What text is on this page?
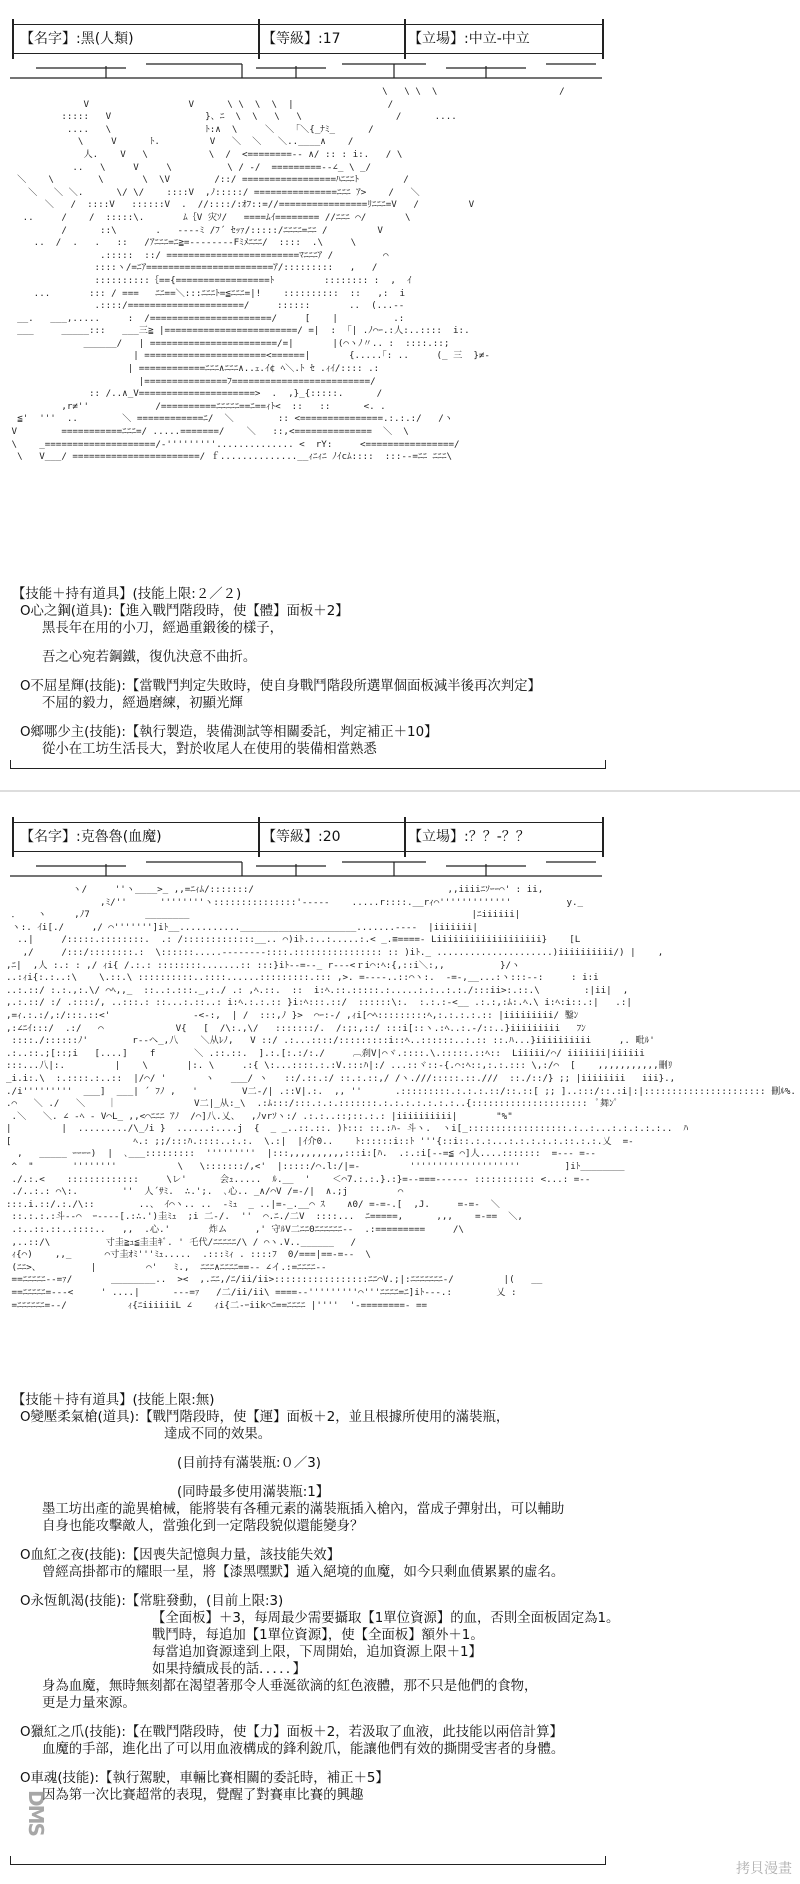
【名字】:黑(人類)	【等級】:17	【立場】:中立-中立
\   \ \  \                      /
V                  V      \ \  \  \  |                 /
:::::   V                 }、ﾆ  \  \   \   \                 /      ....
....   \                 ﾄ:∧  \     ＼   「＼{_ﾅﾐ_      /
\     V      ﾄ.         V   ＼  ＼   ＼..____∧    /
人.    V   \           \  /  <========-- ∧/ :: : i:.   / \
..   \     V     \          \ / -/  =========--∠_ \ _/
＼    \        \       \  \V        /::/ =================ﾊﾆﾆﾆﾄ        /
＼   ＼ ＼.      \/ \/    ::::V  ,ﾉ:::::/ ===============ﾆﾆﾆ ｱ>    /   ＼
＼   /  ::::V   ::::::V  .  //::::/:ｵﾌ::=//================ﾘﾆﾆﾆ=V   /         V
..     /    /  :::::\.       ﾑ｛V 灾ｿ/   ====ﾑｲ======== //ﾆﾆﾆ ⌒/       \
/      ::\       .   ----ﾐ /ﾌ´ ｾｯｧ/:::::/ﾆﾆﾆﾆ=ﾆﾆ /         V
..  /  .   .   ::   /ｱﾆﾆﾆ=ﾆ≧=--------Fﾐﾒﾆﾆﾆ/  ::::  .\     \
.:::::  ::/ ========================ﾏﾆﾆﾆｱ /         ⌒
::::ヽ/=ﾆｱ=======================ｱ/:::::::::   ,   /
::::::::::｛=={=================ﾄ         :::::::: :  ,  ｲ
...       ::: / ===   ﾆﾆ==＼:::ﾆﾆﾆﾄ=≦ﾆﾆﾆ=|!    ::::::::::  ::   ,:  i
.::::/=====================/     ::::::       ..  (...--
__.   ___,.....     :  /======================/     [    |          .:
___     _____:::   ___三≧ |========================/ =|  :  ｢| .ﾉ⌒ｰ.:人:..::::  i:.
______/   | =======================/=|       |(⌒ヽﾉ〃.. :  ::::.::;
| ======================<======|       {.....｢: ..     (_ 三  }≠-
| ============ﾆﾆﾆ∧ﾆﾆﾆ∧..ｪ.ｲ¢ ﾍ＼.ﾄ ｾ .ｨｲ/:::: .:
|===============ﾌ=========================/
:: /..∧_V=====================>  .  ,}_{:::::.      /
,r≠''            /==========ﾆﾆﾆﾆﾆ==ﾆ==ｨﾄ<  ::   ::      <. .
≦'  '''  ..        ＼ ============ﾆ/  ＼        :: <===============.:.:.:/   /ヽ
V        ===========ﾆﾆﾆ=/ .....=======/    ＼   ::,<==============  ＼  \
\    _====================/-'''''''''.............. <  rY:     <================/
\   V___/ =======================/ ｆ..............__ｨﾆｨﾆ ﾉｲcﾑ::::  :::--=ﾆﾆ ﾆﾆﾆ\
【技能＋持有道具】(技能上限:２／２)
O心之鋼(道具):【進入戰鬥階段時，使【體】面板＋2】
黑長年在用的小刀，經過重鍛後的樣子，
吾之心宛若鋼鐵，復仇決意不曲折。
O不屈星輝(技能):【當戰鬥判定失敗時，使自身戰鬥階段所選單個面板減半後再次判定】
不屈的毅力，經過磨練，初顯光輝
O鄉哪少主(技能):【執行製造，裝備測試等相關委託，判定補正＋10】
從小在工坊生活長大，對於收尾人在使用的裝備相當熟悉
【名字】:克魯魯(血魔)	【等級】:20	【立場】:？？-？？
ヽ/     ''ヽ____>_ ,,=ﾆｨﾑ/:::::::/                                   ,,iiiiﾆｿｰｰ⌒' : ii,
,ﾐ/''      ''''''''ヽ:::::::::::::::'-----    .....r::::.__rｨ⌒'''''''''''''          y._
．   ヽ     ,ﾉ7          ________                                                   |ﾆiiiiii|
ヽ:. ｲi[./     ,/ ⌒''''''']iﾄ__..........._____________________.......----  |iiiiiii|
..|     /:::::.::::::::.  .: /:::::::::::::__.. ⌒)iﾄ.:..:.....:.< _.≡====- Liiiiiiiiiiiiiiiiiii}    [L
,/     /:::/::::::::.:  \::::::.....--------::::.:::::::::::::::: :: )iﾄ._ .....................)iiiiiiiiii/) |    ,
,ﾆ|  ,人 :.: : ,/ ｨi{ /.:.: ::::::::.......:: :::}iﾄ--=--_ r---<ｒi⌒:ﾍ:{,::i＼:,,          }/ヽ
..:ｨi{:.:..:\    \.::.\ ::::::::::..::::......:::::::::.::: ,>. =----..::⌒ヽ:.  -=-,__...:ヽ:::--:     : i:i
..:.::/ :.:.,:.\/ ⌒ﾍ,,_  ::..:.:::._,:./ .: ,ﾍ.::.  ::  i:ﾍ.::.:::::.:.....:.:..:.:./:::ii>:.::.\        :|ii|  ,
,.:.::/ :/ .::::/, ..:::.: ::...:.::..: i:ﾍ.:.:.:: }i:ﾍ:::.::/  ::::::\:.  :.:.:-<__ .:.:,:ﾑ:.ﾍ.\ i:ﾍ:i::.:|   .:|
,=ｨ.:.:/,:/:::.::<'               -<-:,  | /  :::,ﾉ }>  ⌒ｰ:-/ ,ｨi[⌒ﾍ:::::::::ﾍ,:.:.:.:.:: |iiiiiiiii/ 鑿ﾝ
,:∠ﾆｲ:::/  .:/   ⌒             V{   [  /\:.,\/   :::::::/.  /:;:,::/ :::i[::ヽ.:ﾍ..:.-/::..}iiiiiiiii   ﾌﾝ
::::./::::::ﾉ'        r--ヘ_,八    ＼从ﾚﾉ,   V ::/ .:...::::/:::::::::i::ﾍ..::::::..:.:: ::.ﾊ...}iiiiiiiiii     ,. 毗ﾙ'
.:..::.;[::;i   [....]    f       ＼ .::.::.  ].:.[:.:/:./     ︹刹V|⌒ヾ.::::.\.:::::.::ﾍ::  Liiiii/⌒/ iiiiiii|iiiiii
:::...八|:.         |    \       |:. \     .:{ \:...::::.:.:V.:::ﾊ|:/ ...::ヾ::-{.⌒:ﾍ::,:.:.::: \,:/⌒  [    ,,,,,,,,,,,刪ﾘ
_i.i:.\  :.::::.:..::  |/⌒/ '       ヽ   ___/ ヽ   ::/.::.:/ ::.:.::,/ /ヽ.///:::::.::.///  ::./::/} ;; |iiiiiiii   iii}.,
./i'''''''''  ___]  ___| ´ ﾌﾉ ,   '        V二-/| .::V|.:.  ,, ''      .:::::::::.:.:.:.::/::.::[ ;; ]..:::/::.:i|:|:::::::::::::::::::::: 刪ﾙ%.
.⌒   ＼ ./   ＼    ｜              V二|_从:_\  .:ﾑ:::/:::.:.:.:::::::.:.:.:.:.:.:.:..{:::::::::::::::::::::  ﾟ舞ﾝﾟ
.＼   ＼. ∠ -ﾍ - V⌒L_ ,,<⌒ﾆﾆﾆ ｱﾉ  /⌒]八.乂、  ,ﾉvrｿヽ:/ .:.:..::;::.:.: |iiiiiiiiii|       "%"
|         |  ........./\_ﾉi }  ......:....j  {  _ _..::.::. )ﾄ::: ::.:ﾊ- 斗ヽ.  ヽi[_::::::::::::::::::.:..:...:.:.:.:.:..  ﾊ
[                      ﾍ.: ;;/:::ﾊ.::::..:.:.  \.:|  |ｲ介0..    ﾄ::::::i::ﾄ '''{::i::.:.:...:.:.:.:.:.::.:.:.乂  =-
,   _____ ｰｰｰｰ)  |  ､___:::::::::  '''''''''  |:::,,,,,,,,,,:::i:[ﾊ.  .:.:i[--=≦ ⌒]人....:::::::  =--- =--
^  "       ''''''''           \   \:::::::/,<'  |:::::/⌒.l:/|=-         ''''''''''''''''''''        ]iﾄ________
./.:.<    :::::::::::::     \レ'      会ｭ.....  ﾙ.__  '    ＜⌒7.:.:.}.:}=--===------ ::::::::::: <...: =--
./..:.: ⌒\:.        ''  人´ｻﾐ.  ∴.';.  ､心.. _∧/⌒V /=-/|  ∧.;j         ⌒
:::.i.::/.:./\::        ..、 ｲ⌒ヽ.. ..  -ﾐｭ  _ ..|=-_.__⌒ ｽ    ∧0/ =-=-.[  ,J.     =-=-  ＼
::.:.:.:斗-‐⌒  ｰ----[.:∴.')圭ﾐｭ  ;i 二-/.  ''  ⌒.ﾆ./二V  ::::...  ﾆ=====,      ,,,    =-==  ＼,
.:..::.::..::::..   ,,  .心.'       炸ム     ,' 守ﾙV二ﾆﾆ0ﾆﾆﾆﾆﾆﾆ--  .:=========     /\
,..::/\          寸圭≧ｭ≦圭圭ｷﾞ. ' 乇代/ﾆﾆﾆﾆﾆ/\ / ⌒ヽ.V..______   /
ｨ{⌒)    ,,_      ⌒寸圭ｵﾐ'''ﾐｭ.....  .:::ﾐｨ . ::::ﾌ  0/===|==-=--  \
(ﾆﾆ>、         |         ⌒'   ﾐ.,  ﾆﾆﾆ∧ﾆﾆﾆﾆ==-- ∠イ.:=ﾆﾆﾆﾆ--
==ﾆﾆﾆﾆﾆ--=ｧ/       ________..  ><  ,.ﾆﾆ,/ﾆ/ii/ii>:::::::::::::::::ﾆﾆ⌒V.;|:ﾆﾆﾆﾆﾆﾆﾆ-/         |(   __
==ﾆﾆﾆﾆﾆ=---<     ' ....|      ---=ｧ   /二/ii/ii\ ====--'''''''''⌒'''ﾆﾆﾆﾆ=ﾆ]iﾄ---.:        乂 :
=ﾆﾆﾆﾆﾆﾆ=--/           ｨ{ﾆiiiiiiL ∠    ｨi{二-ｰiik⌒ﾆ==ﾆﾆﾆﾆ |''''  '-========- ==
【技能＋持有道具】(技能上限:無)
O變壓柔氣槍(道具):【戰鬥階段時，使【運】面板＋2，並且根據所使用的滿裝瓶，
達成不同的效果。
(目前持有滿裝瓶:０／3)
(同時最多使用滿裝瓶:1】
墨工坊出產的詭異槍械，能將裝有各種元素的滿裝瓶插入槍內，當成子彈射出，可以輔助
自身也能攻擊敵人，當強化到一定階段貌似還能變身？
O血紅之夜(技能):【因喪失記憶與力量，該技能失效】
曾經高掛都市的耀眼一星，將【漆黑嘿默】遁入絕境的血魔，如今只剩血債累累的虛名。
O永恆飢渴(技能):【常駐發動，(目前上限:3)
【全面板】＋3，每周最少需要攝取【1單位資源】的血，否則全面板固定為1。
戰鬥時，每追加【1單位資源】，使【全面板】額外＋1。
每當追加資源達到上限，下周開始，追加資源上限＋1】
如果持續成長的話．．．．．】
身為血魔，無時無刻都在渴望著那令人垂涎欲滴的紅色液體，那不只是他們的食物，
更是力量來源。
O獵紅之爪(技能):【在戰鬥階段時，使【力】面板＋2，若汲取了血液，此技能以兩倍計算】
血魔的手部，進化出了可以用血液構成的鋒利銳爪，能讓他們有效的撕開受害者的身體。
O車魂(技能):【執行駕駛，車輛比賽相關的委託時，補正＋5】
因為第一次比賽超常的表現，覺醒了對賽車比賽的興趣
DMS
拷貝漫畫
